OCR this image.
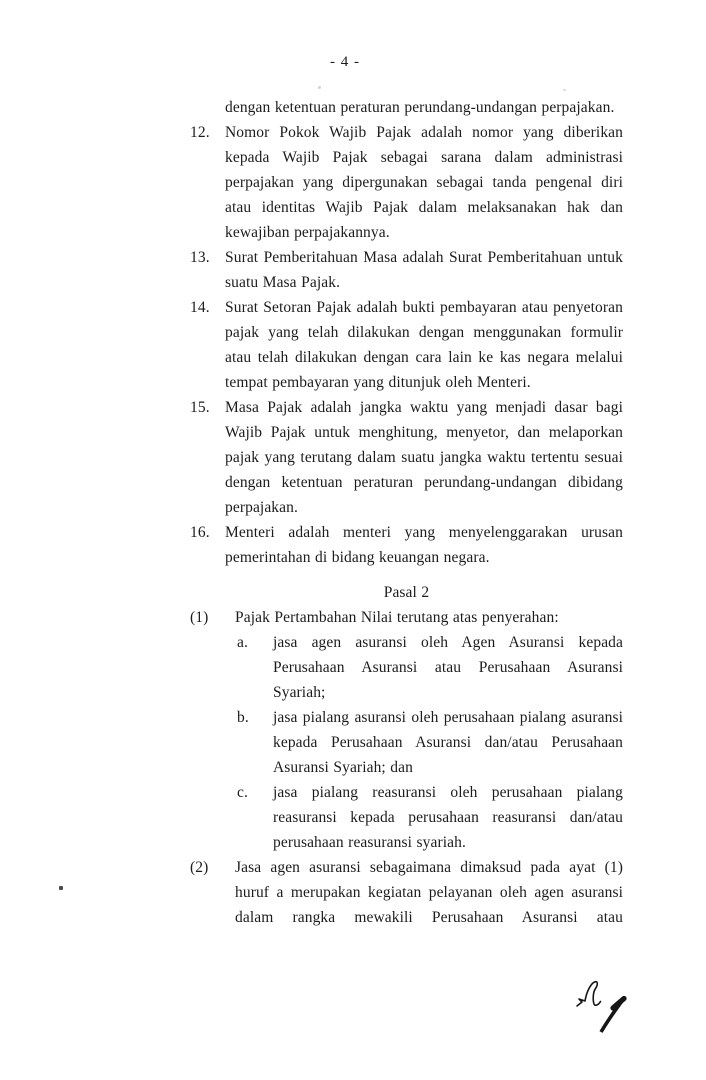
- 4 -

dengan ketentuan peraturan perundang-undangan perpajakan.

12. Nomor Pokok Wajib Pajak adalah nomor yang diberikan kepada Wajib Pajak sebagai sarana dalam administrasi perpajakan yang dipergunakan sebagai tanda pengenal diri atau identitas Wajib Pajak dalam melaksanakan hak dan kewajiban perpajakannya.
13. Surat Pemberitahuan Masa adalah Surat Pemberitahuan untuk suatu Masa Pajak.
14. Surat Setoran Pajak adalah bukti pembayaran atau penyetoran pajak yang telah dilakukan dengan menggunakan formulir atau telah dilakukan dengan cara lain ke kas negara melalui tempat pembayaran yang ditunjuk oleh Menteri.
15. Masa Pajak adalah jangka waktu yang menjadi dasar bagi Wajib Pajak untuk menghitung, menyetor, dan melaporkan pajak yang terutang dalam suatu jangka waktu tertentu sesuai dengan ketentuan peraturan perundang-undangan dibidang perpajakan.
16. Menteri adalah menteri yang menyelenggarakan urusan pemerintahan di bidang keuangan negara.
Pasal 2
(1)	Pajak Pertambahan Nilai terutang atas penyerahan:
a.	jasa agen asuransi oleh Agen Asuransi kepada Perusahaan Asuransi atau Perusahaan Asuransi Syariah;
b.	jasa pialang asuransi oleh perusahaan pialang asuransi kepada Perusahaan Asuransi dan/atau Perusahaan Asuransi Syariah; dan
c.	jasa pialang reasuransi oleh perusahaan pialang reasuransi kepada perusahaan reasuransi dan/atau perusahaan reasuransi syariah.
(2)	Jasa agen asuransi sebagaimana dimaksud pada ayat (1) huruf a merupakan kegiatan pelayanan oleh agen asuransi dalam rangka mewakili Perusahaan Asuransi atau
